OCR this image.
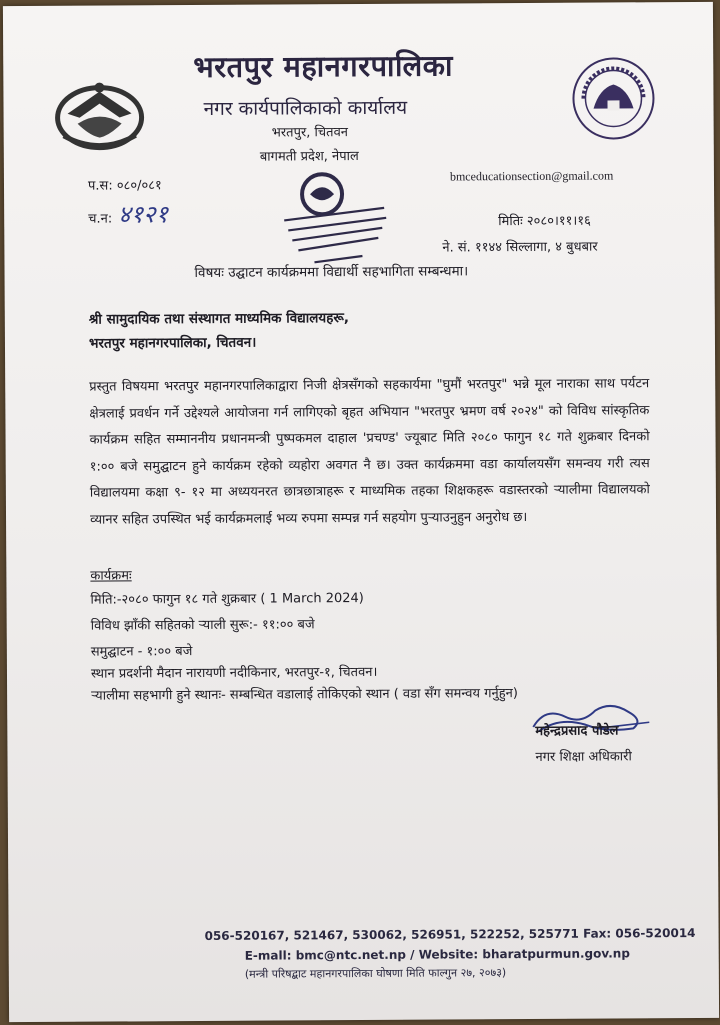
भरतपुर महानगरपालिका
नगर कार्यपालिकाको कार्यालय
भरतपुर, चितवन
बागमती प्रदेश, नेपाल
प.स: ०८०/०८१
च.न: ४१२१
bmceducationsection@gmail.com
मितिः २०८०।११।१६
ने. सं. ११४४ सिल्लागा, ४ बुधबार
विषयः उद्घाटन कार्यक्रममा विद्यार्थी सहभागिता सम्बन्धमा।
श्री सामुदायिक तथा संस्थागत माध्यमिक विद्यालयहरू,
भरतपुर महानगरपालिका, चितवन।
प्रस्तुत विषयमा भरतपुर महानगरपालिकाद्वारा निजी क्षेत्रसँगको सहकार्यमा "घुमौं भरतपुर" भन्ने मूल नाराका साथ पर्यटन क्षेत्रलाई प्रवर्धन गर्ने उद्देश्यले आयोजना गर्न लागिएको बृहत अभियान "भरतपुर भ्रमण वर्ष २०२४" को विविध सांस्कृतिक कार्यक्रम सहित सम्माननीय प्रधानमन्त्री पुष्पकमल दाहाल 'प्रचण्ड' ज्यूबाट मिति २०८० फागुन १८ गते शुक्रबार दिनको १:०० बजे समुद्घाटन हुने कार्यक्रम रहेको व्यहोरा अवगत नै छ। उक्त कार्यक्रममा वडा कार्यालयसँग समन्वय गरी त्यस विद्यालयमा कक्षा ९- १२ मा अध्ययनरत छात्रछात्राहरू र माध्यमिक तहका शिक्षकहरू वडास्तरको र्‍यालीमा विद्यालयको व्यानर सहित उपस्थित भई कार्यक्रमलाई भव्य रुपमा सम्पन्न गर्न सहयोग पुर्‍याउनुहुन अनुरोध छ।
कार्यक्रमः
मिति:-२०८० फागुन १८ गते शुक्रबार ( 1 March 2024)
विविध झाँकी सहितको र्‍याली सुरू:- ११:०० बजे
समुद्घाटन - १:०० बजे
स्थान प्रदर्शनी मैदान नारायणी नदीकिनार, भरतपुर-१, चितवन।
र्‍यालीमा सहभागी हुने स्थानः- सम्बन्धित वडालाई तोकिएको स्थान ( वडा सँग समन्वय गर्नुहुन)
महेन्द्रप्रसाद पौडेल
नगर शिक्षा अधिकारी
056-520167, 521467, 530062, 526951, 522252, 525771 Fax: 056-520014
E-mall: bmc@ntc.net.np / Website: bharatpurmun.gov.np
(मन्त्री परिषद्बाट महानगरपालिका घोषणा मिति फाल्गुन २७, २०७३)
